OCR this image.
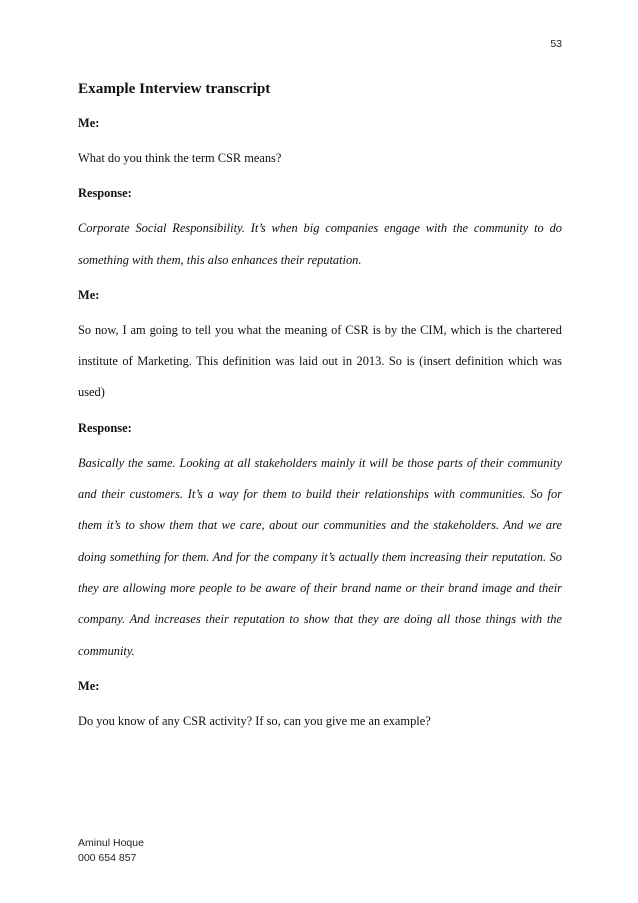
53
Example Interview transcript

Me:

What do you think the term CSR means?

Response:

Corporate Social Responsibility. It’s when big companies engage with the community to do something with them, this also enhances their reputation.

Me:

So now, I am going to tell you what the meaning of CSR is by the CIM, which is the chartered institute of Marketing. This definition was laid out in 2013. So is (insert definition which was used)

Response:

Basically the same. Looking at all stakeholders mainly it will be those parts of their community and their customers. It’s a way for them to build their relationships with communities. So for them it’s to show them that we care, about our communities and the stakeholders. And we are doing something for them. And for the company it’s actually them increasing their reputation. So they are allowing more people to be aware of their brand name or their brand image and their company. And increases their reputation to show that they are doing all those things with the community.

Me:

Do you know of any CSR activity? If so, can you give me an example?

Aminul Hoque
000 654 857
